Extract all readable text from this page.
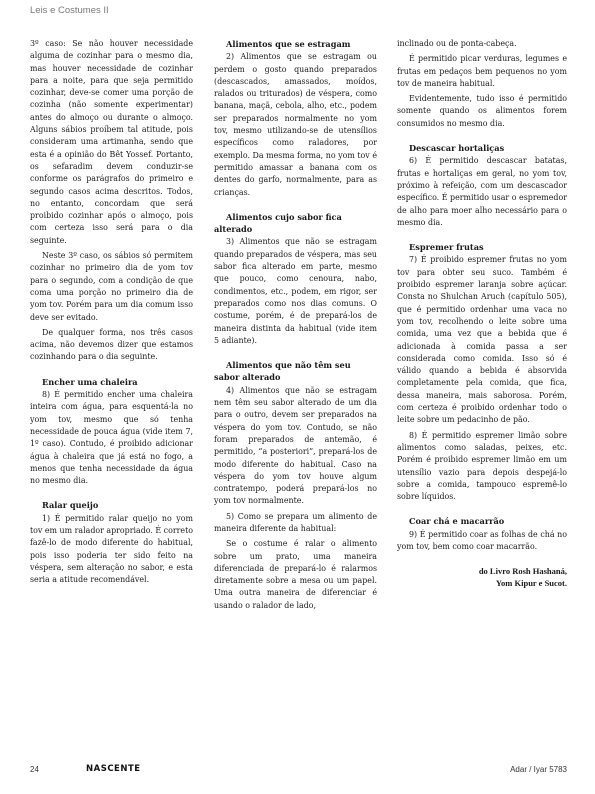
Leis e Costumes II

3º caso: Se não houver necessidade alguma de cozinhar para o mesmo dia, mas houver necessidade de cozinhar para a noite, para que seja permitido cozinhar, deve-se comer uma porção de cozinha (não somente experimentar) antes do almoço ou durante o almoço. Alguns sábios proíbem tal atitude, pois consideram uma artimanha, sendo que esta é a opinião do Bêt Yossef. Portanto, os sefaradim devem conduzir-se conforme os parágrafos do primeiro e segundo casos acima descritos. Todos, no entanto, concordam que será proibido cozinhar após o almoço, pois com certeza isso será para o dia seguinte.

Neste 3º caso, os sábios só permitem cozinhar no primeiro dia de yom tov para o segundo, com a condição de que coma uma porção no primeiro dia de yom tov. Porém para um dia comum isso deve ser evitado.

De qualquer forma, nos três casos acima, não devemos dizer que estamos cozinhando para o dia seguinte.

Encher uma chaleira

8) É permitido encher uma chaleira inteira com água, para esquentá-la no yom tov, mesmo que só tenha necessidade de pouca água (vide item 7, 1º caso). Contudo, é proibido adicionar água à chaleira que já está no fogo, a menos que tenha necessidade da água no mesmo dia.

Ralar queijo

1) É permitido ralar queijo no yom tov em um ralador apropriado. É correto fazê-lo de modo diferente do habitual, pois isso poderia ter sido feito na véspera, sem alteração no sabor, e esta seria a atitude recomendável.

Alimentos que se estragam

2) Alimentos que se estragam ou perdem o gosto quando preparados (descascados, amassados, moídos, ralados ou triturados) de véspera, como banana, maçã, cebola, alho, etc., podem ser preparados normalmente no yom tov, mesmo utilizando-se de utensílios específicos como raladores, por exemplo. Da mesma forma, no yom tov é permitido amassar a banana com os dentes do garfo, normalmente, para as crianças.

Alimentos cujo sabor fica alterado

3) Alimentos que não se estragam quando preparados de véspera, mas seu sabor fica alterado em parte, mesmo que pouco, como cenoura, nabo, condimentos, etc., podem, em rigor, ser preparados como nos dias comuns. O costume, porém, é de prepará-los de maneira distinta da habitual (vide item 5 adiante).

Alimentos que não têm seu sabor alterado

4) Alimentos que não se estragam nem têm seu sabor alterado de um dia para o outro, devem ser preparados na véspera do yom tov. Contudo, se não foram preparados de antemão, é permitido, “a posteriori”, prepará-los de modo diferente do habitual. Caso na véspera do yom tov houve algum contratempo, poderá prepará-los no yom tov normalmente.

5) Como se prepara um alimento de maneira diferente da habitual:

Se o costume é ralar o alimento sobre um prato, uma maneira diferenciada de prepará-lo é ralarmos diretamente sobre a mesa ou um papel. Uma outra maneira de diferenciar é usando o ralador de lado,

inclinado ou de ponta-cabeça.

É permitido picar verduras, legumes e frutas em pedaços bem pequenos no yom tov de maneira habitual.

Evidentemente, tudo isso é permitido somente quando os alimentos forem consumidos no mesmo dia.

Descascar hortaliças

6) É permitido descascar batatas, frutas e hortaliças em geral, no yom tov, próximo à refeição, com um descascador específico. É permitido usar o espremedor de alho para moer alho necessário para o mesmo dia.

Espremer frutas

7) É proibido espremer frutas no yom tov para obter seu suco. Também é proibido espremer laranja sobre açúcar. Consta no Shulchan Aruch (capítulo 505), que é permitido ordenhar uma vaca no yom tov, recolhendo o leite sobre uma comida, uma vez que a bebida que é adicionada à comida passa a ser considerada como comida. Isso só é válido quando a bebida é absorvida completamente pela comida, que fica, dessa maneira, mais saborosa. Porém, com certeza é proibido ordenhar todo o leite sobre um pedacinho de pão.

8) É permitido espremer limão sobre alimentos como saladas, peixes, etc. Porém é proibido espremer limão em um utensílio vazio para depois despejá-lo sobre a comida, tampouco espremê-lo sobre líquidos.

Coar chá e macarrão

9) É permitido coar as folhas de chá no yom tov, bem como coar macarrão.

do Livro Rosh Hashaná,
Yom Kipur e Sucot.
24	NASCENTE	Adar / Iyar 5783
